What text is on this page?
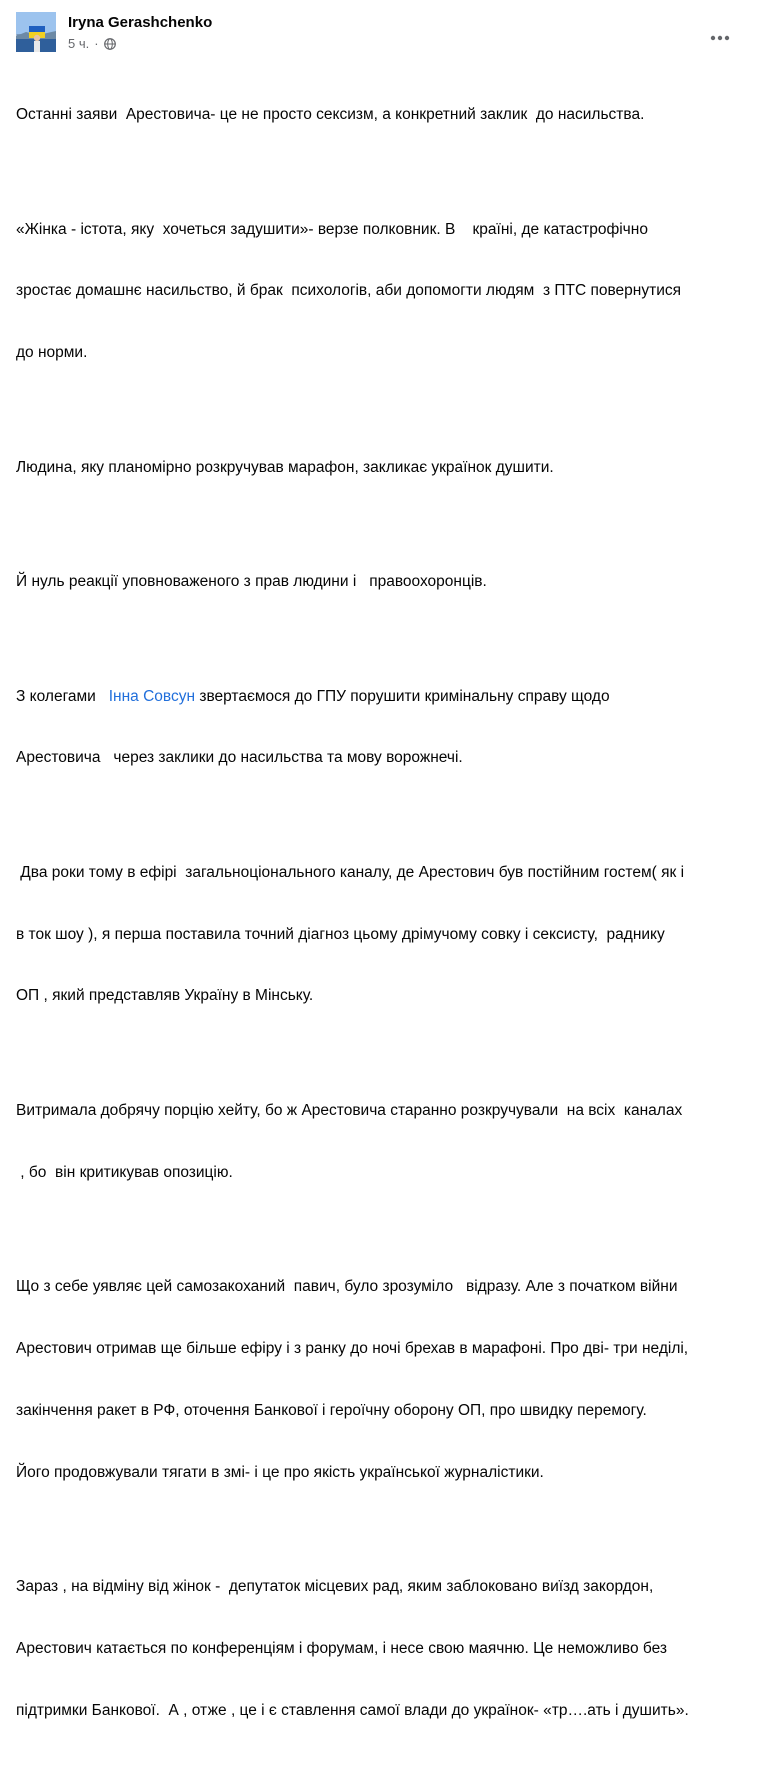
Iryna Gerashchenko
5 ч. ·

Останні заяви  Арестовича- це не просто сексизм, а конкретний заклик  до насильства.

«Жінка - істота, яку  хочеться задушити»- верзе полковник. В    країні, де катастрофічно

зростає домашнє насильство, й брак  психологів, аби допомогти людям  з ПТС повернутися

до норми.

Людина, яку планомірно розкручував марафон, закликає українок душити.

Й нуль реакції уповноваженого з прав людини і   правоохоронців.

З колегами   Інна Совсун звертаємося до ГПУ порушити кримінальну справу щодо

Арестовича   через заклики до насильства та мову ворожнечі.

Два роки тому в ефірі  загальноціонального каналу, де Арестович був постійним гостем( як і

в ток шоу ), я перша поставила точний діагноз цьому дрімучому совку і сексисту,  раднику

ОП , який представляв Україну в Мінську.

Витримала добрячу порцію хейту, бо ж Арестовича старанно розкручували  на всіх  каналах

, бо  він критикував опозицію.

Що з себе уявляє цей самозакоханий  павич, було зрозуміло   відразу. Але з початком війни

Арестович отримав ще більше ефіру і з ранку до ночі брехав в марафоні. Про дві- три неділі,

закінчення ракет в РФ, оточення Банкової і героїчну оборону ОП, про швидку перемогу.

Його продовжували тягати в змі- і це про якість української журналістики.

Зараз , на відміну від жінок -  депутаток місцевих рад, яким заблоковано виїзд закордон,

Арестович катається по конференціям і форумам, і несе свою маячню. Це неможливо без

підтримки Банкової.  А , отже , це і є ставлення самої влади до українок- «тр….ать і душить».
